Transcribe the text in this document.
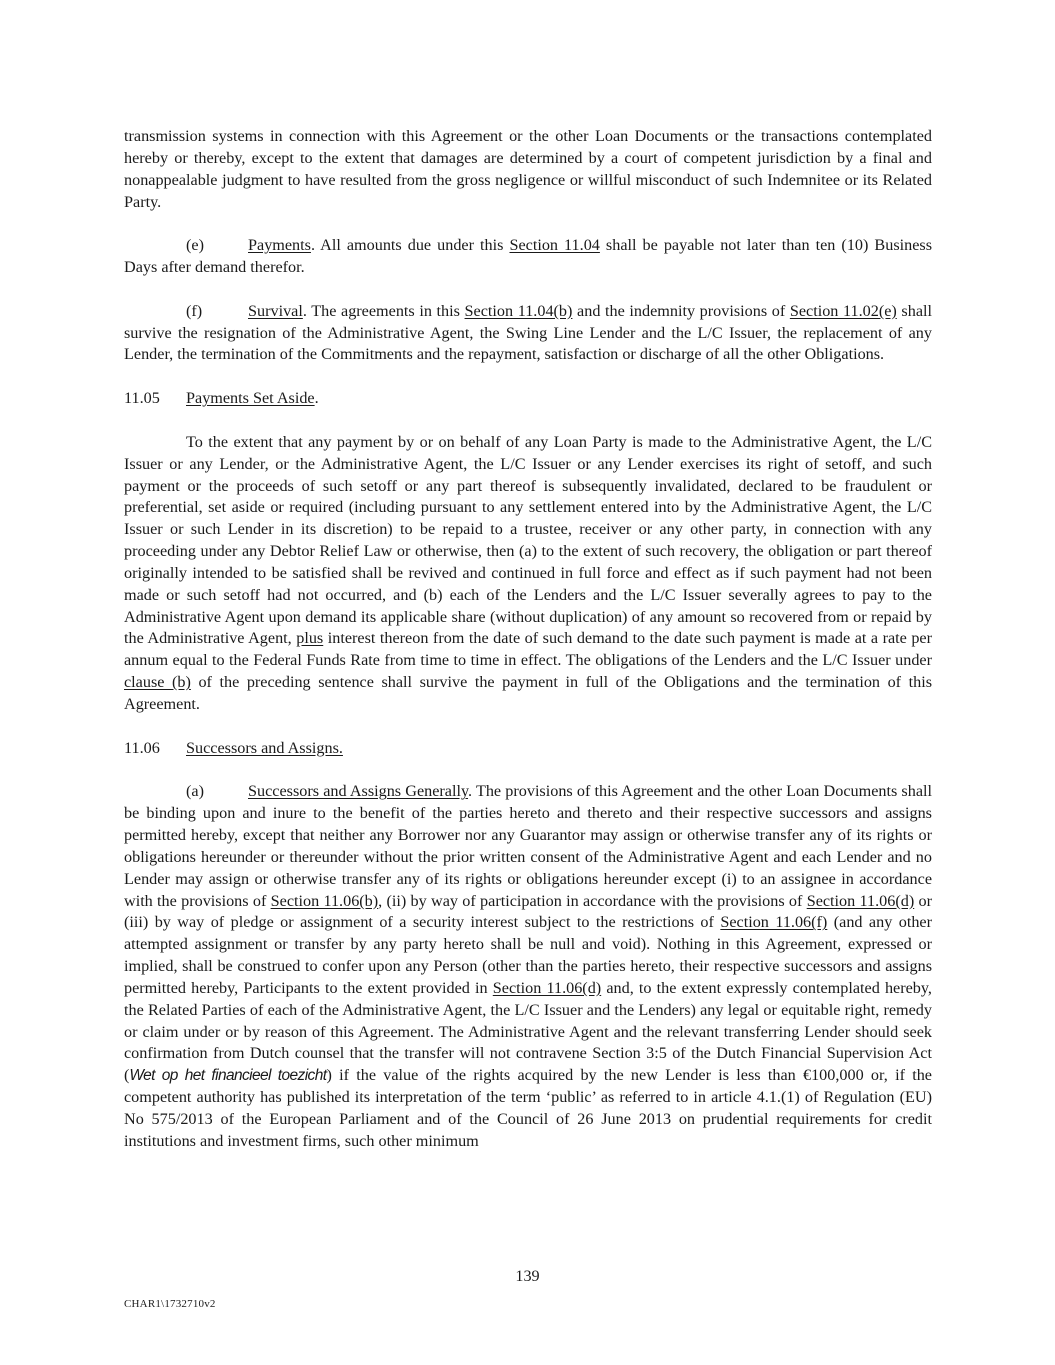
transmission systems in connection with this Agreement or the other Loan Documents or the transactions contemplated hereby or thereby, except to the extent that damages are determined by a court of competent jurisdiction by a final and nonappealable judgment to have resulted from the gross negligence or willful misconduct of such Indemnitee or its Related Party.

(e)	Payments. All amounts due under this Section 11.04 shall be payable not later than ten (10) Business Days after demand therefor.

(f)	Survival. The agreements in this Section 11.04(b) and the indemnity provisions of Section 11.02(e) shall survive the resignation of the Administrative Agent, the Swing Line Lender and the L/C Issuer, the replacement of any Lender, the termination of the Commitments and the repayment, satisfaction or discharge of all the other Obligations.

11.05 Payments Set Aside.

To the extent that any payment by or on behalf of any Loan Party is made to the Administrative Agent, the L/C Issuer or any Lender, or the Administrative Agent, the L/C Issuer or any Lender exercises its right of setoff, and such payment or the proceeds of such setoff or any part thereof is subsequently invalidated, declared to be fraudulent or preferential, set aside or required (including pursuant to any settlement entered into by the Administrative Agent, the L/C Issuer or such Lender in its discretion) to be repaid to a trustee, receiver or any other party, in connection with any proceeding under any Debtor Relief Law or otherwise, then (a) to the extent of such recovery, the obligation or part thereof originally intended to be satisfied shall be revived and continued in full force and effect as if such payment had not been made or such setoff had not occurred, and (b) each of the Lenders and the L/C Issuer severally agrees to pay to the Administrative Agent upon demand its applicable share (without duplication) of any amount so recovered from or repaid by the Administrative Agent, plus interest thereon from the date of such demand to the date such payment is made at a rate per annum equal to the Federal Funds Rate from time to time in effect. The obligations of the Lenders and the L/C Issuer under clause (b) of the preceding sentence shall survive the payment in full of the Obligations and the termination of this Agreement.

11.06 Successors and Assigns.

(a)	Successors and Assigns Generally. The provisions of this Agreement and the other Loan Documents shall be binding upon and inure to the benefit of the parties hereto and thereto and their respective successors and assigns permitted hereby, except that neither any Borrower nor any Guarantor may assign or otherwise transfer any of its rights or obligations hereunder or thereunder without the prior written consent of the Administrative Agent and each Lender and no Lender may assign or otherwise transfer any of its rights or obligations hereunder except (i) to an assignee in accordance with the provisions of Section 11.06(b), (ii) by way of participation in accordance with the provisions of Section 11.06(d) or (iii) by way of pledge or assignment of a security interest subject to the restrictions of Section 11.06(f) (and any other attempted assignment or transfer by any party hereto shall be null and void). Nothing in this Agreement, expressed or implied, shall be construed to confer upon any Person (other than the parties hereto, their respective successors and assigns permitted hereby, Participants to the extent provided in Section 11.06(d) and, to the extent expressly contemplated hereby, the Related Parties of each of the Administrative Agent, the L/C Issuer and the Lenders) any legal or equitable right, remedy or claim under or by reason of this Agreement. The Administrative Agent and the relevant transferring Lender should seek confirmation from Dutch counsel that the transfer will not contravene Section 3:5 of the Dutch Financial Supervision Act (Wet op het financieel toezicht) if the value of the rights acquired by the new Lender is less than €100,000 or, if the competent authority has published its interpretation of the term ‘public’ as referred to in article 4.1.(1) of Regulation (EU) No 575/2013 of the European Parliament and of the Council of 26 June 2013 on prudential requirements for credit institutions and investment firms, such other minimum

139
CHAR1\1732710v2
